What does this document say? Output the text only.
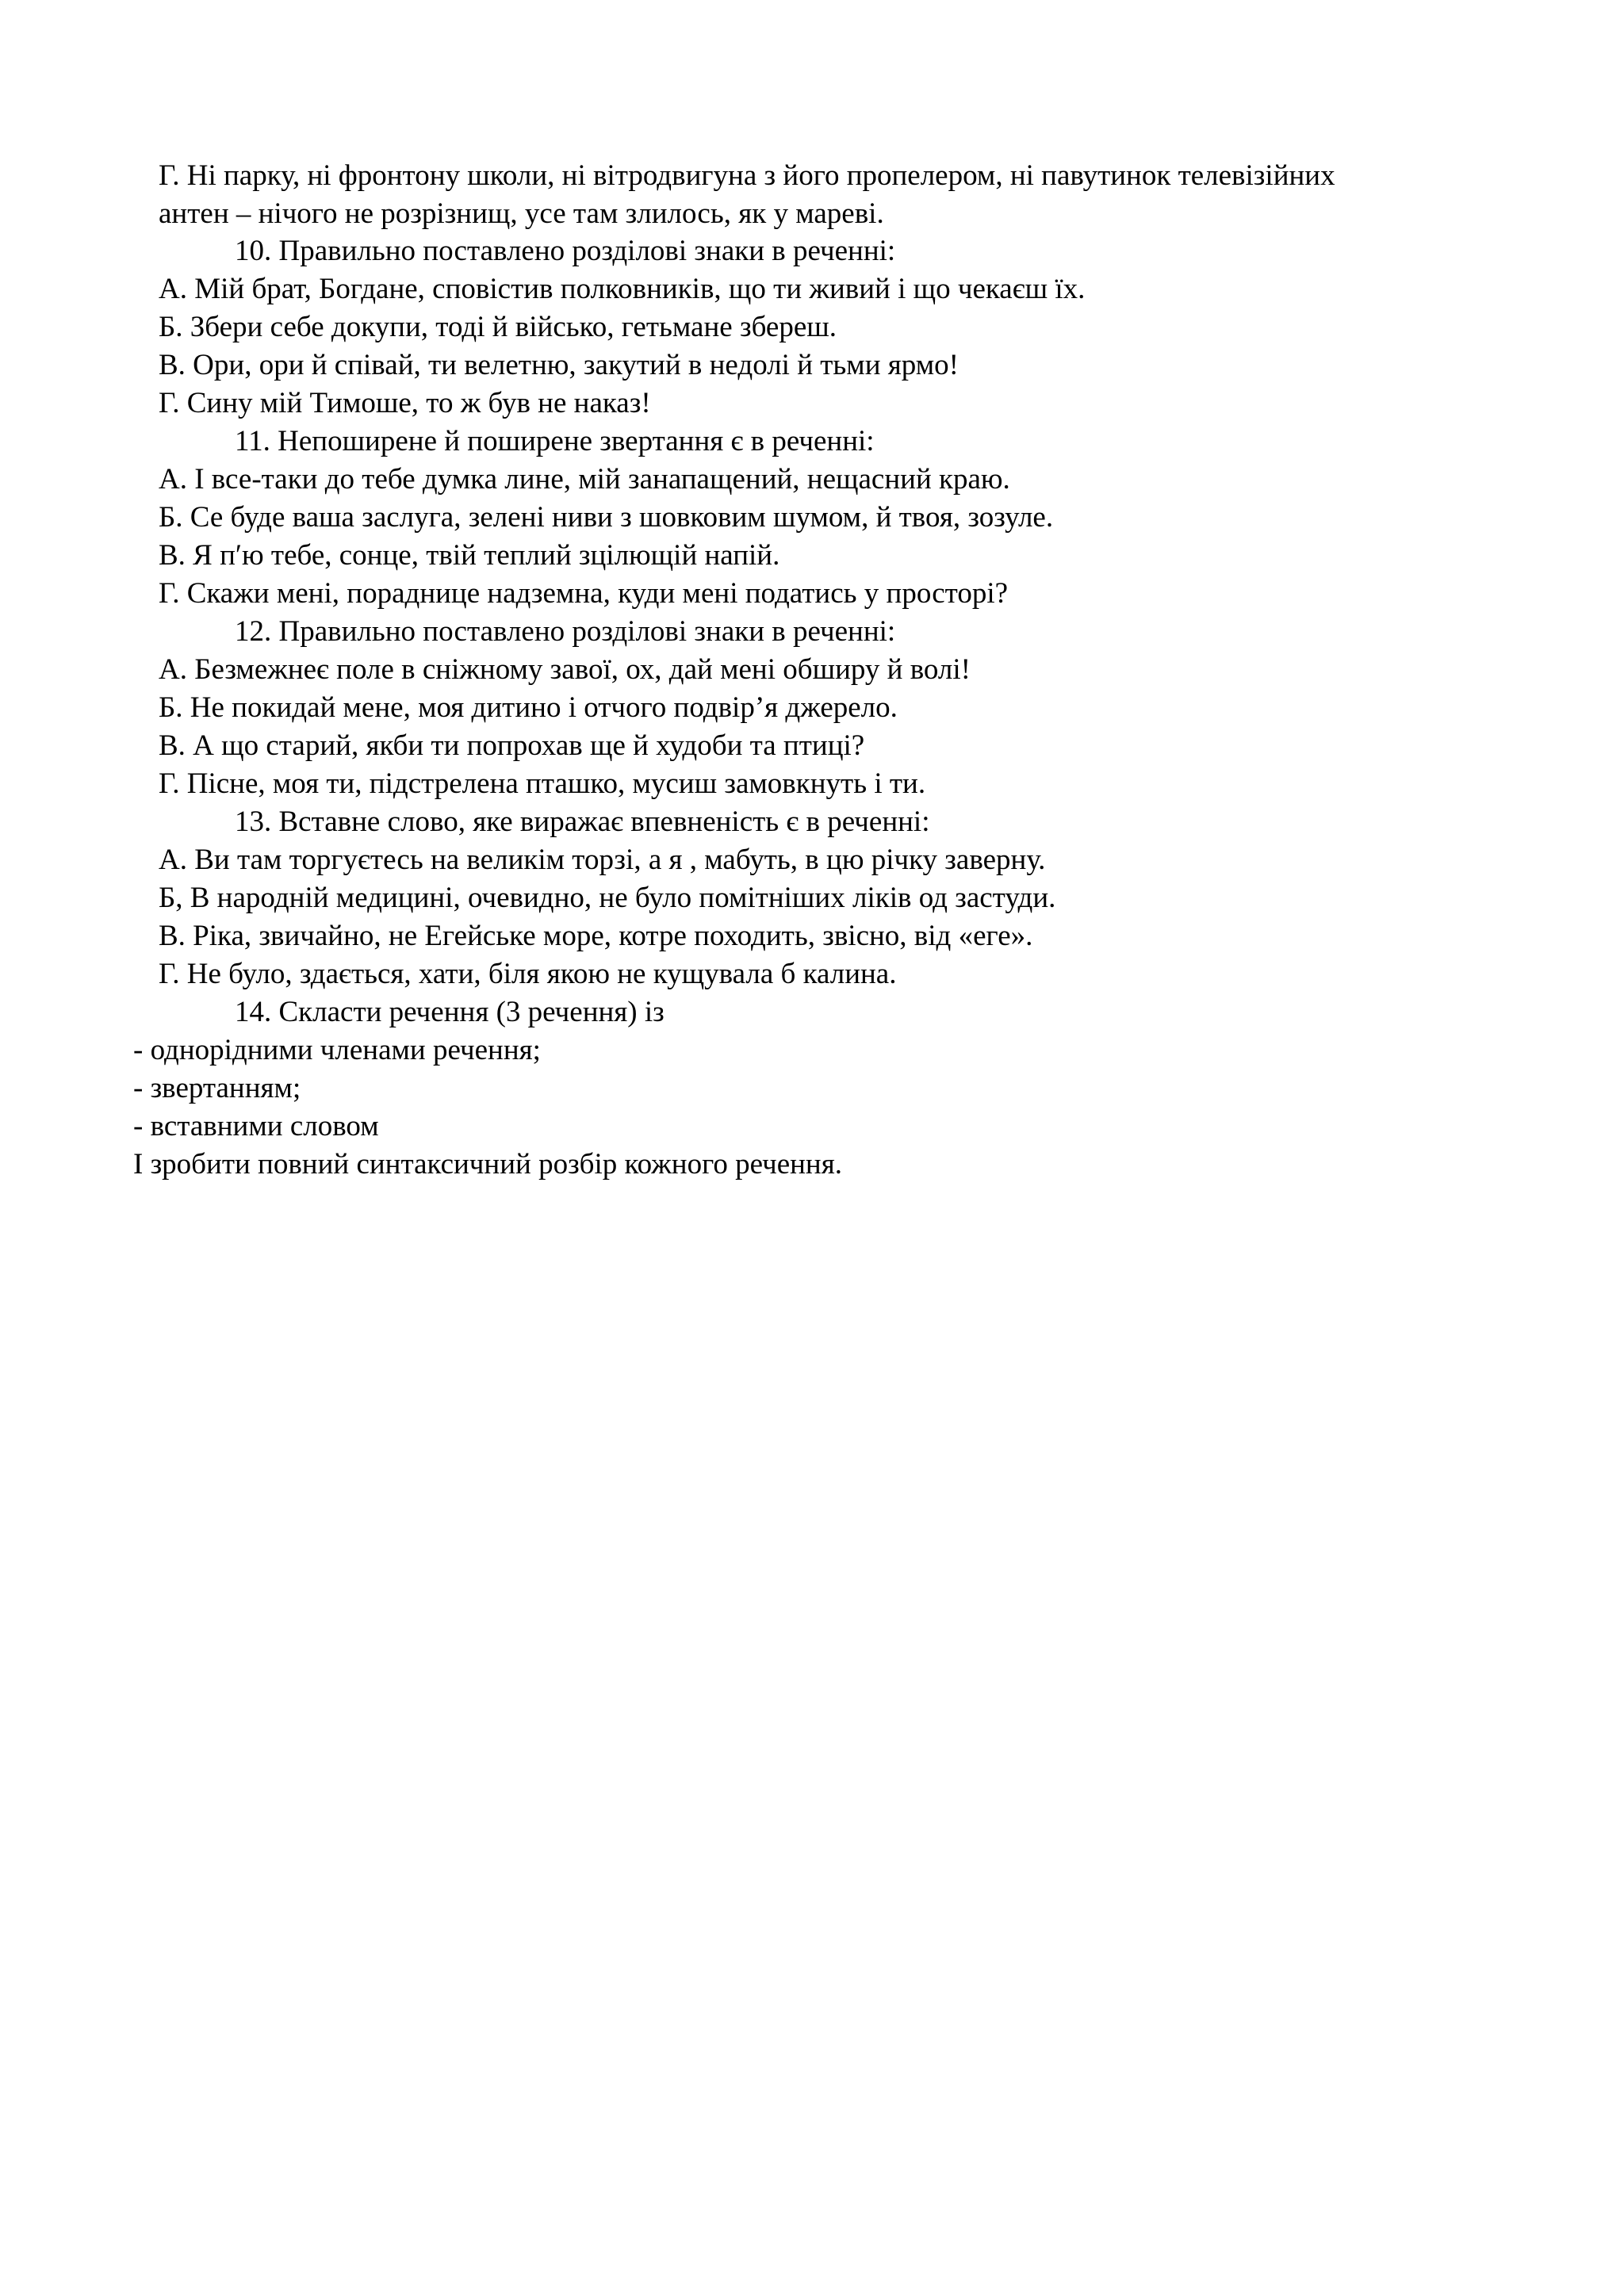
Г. Ні парку, ні фронтону школи, ні вітродвигуна з його пропелером, ні павутинок телевізійних
антен – нічого не розрізнищ, усе там злилось, як у мареві.
10. Правильно поставлено розділові знаки в реченні:
А. Мій брат, Богдане, сповістив полковників, що ти живий і що чекаєш їх.
Б. Збери себе докупи, тоді й військо, гетьмане збереш.
В. Ори, ори й співай, ти велетню, закутий в недолі й тьми ярмо!
Г. Сину мій Тимоше, то ж був не наказ!
11. Непоширене й поширене звертання є в реченні:
А. І все-таки до тебе думка лине, мій занапащений, нещасний краю.
Б. Се буде ваша заслуга, зелені ниви з шовковим шумом, й твоя, зозуле.
В. Я п′ю тебе, сонце, твій теплий зцілющій напій.
Г. Скажи мені, пораднице надземна, куди мені податись у просторі?
12. Правильно поставлено розділові знаки в реченні:
А. Безмежнеє поле в сніжному завої, ох, дай мені обширу й волі!
Б. Не покидай мене, моя дитино і отчого подвір’я джерело.
В. А що старий, якби ти попрохав ще й худоби та птиці?
Г. Пісне, моя ти, підстрелена пташко, мусиш замовкнуть і ти.
13. Вставне слово, яке виражає впевненість є в реченні:
А. Ви там торгуєтесь на великім торзі, а я , мабуть, в цю річку заверну.
Б, В народній медицині, очевидно, не було помітніших ліків од застуди.
В. Ріка, звичайно, не Егейське море, котре походить, звісно, від «еге».
Г. Не було, здається, хати, біля якою не кущувала б калина.
14. Скласти речення (3 речення) із
- однорідними членами речення;
- звертанням;
- вставними словом
І зробити повний синтаксичний розбір кожного речення.
